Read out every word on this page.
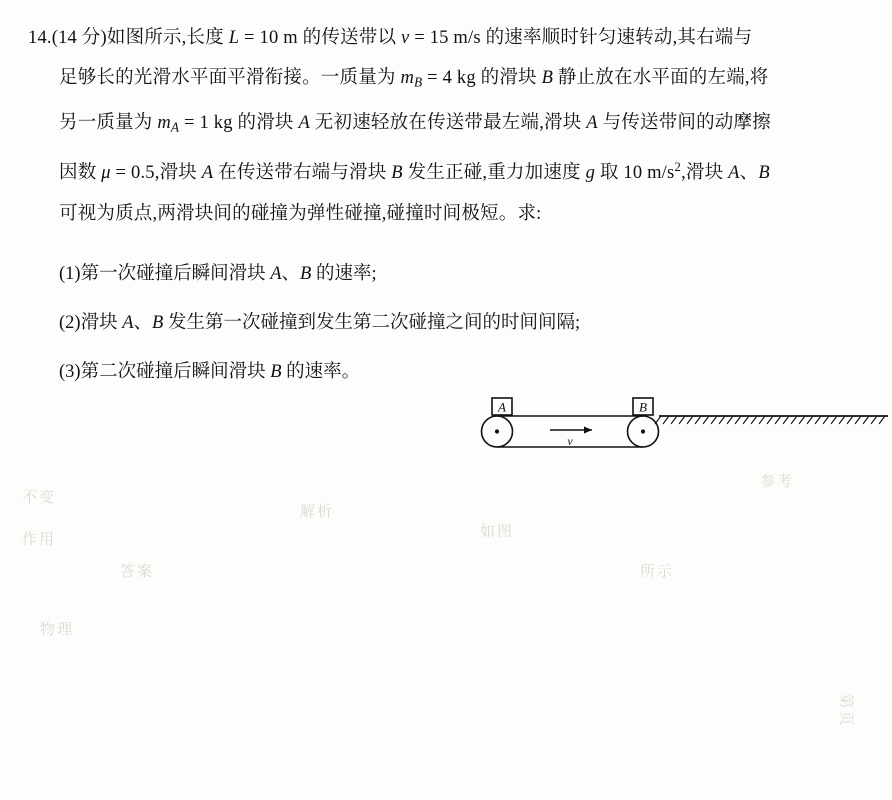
14.(14 分)如图所示,长度 L = 10 m 的传送带以 v = 15 m/s 的速率顺时针匀速转动,其右端与
足够长的光滑水平面平滑衔接。一质量为 $m_B = 4$ kg 的滑块 B 静止放在水平面的左端,将
另一质量为 $m_A = 1$ kg 的滑块 A 无初速轻放在传送带最左端,滑块 A 与传送带间的动摩擦
因数 μ = 0.5,滑块 A 在传送带右端与滑块 B 发生正碰,重力加速度 g 取 10 $m/s^2$,滑块 A、B
可视为质点,两滑块间的碰撞为弹性碰撞,碰撞时间极短。求:
(1)第一次碰撞后瞬间滑块 A、B 的速率;
(2)滑块 A、B 发生第一次碰撞到发生第二次碰撞之间的时间间隔;
(3)第二次碰撞后瞬间滑块 B 的速率。
A	B
v
不变
作用
答案
解析
如图
所示
物理
参考
第页
